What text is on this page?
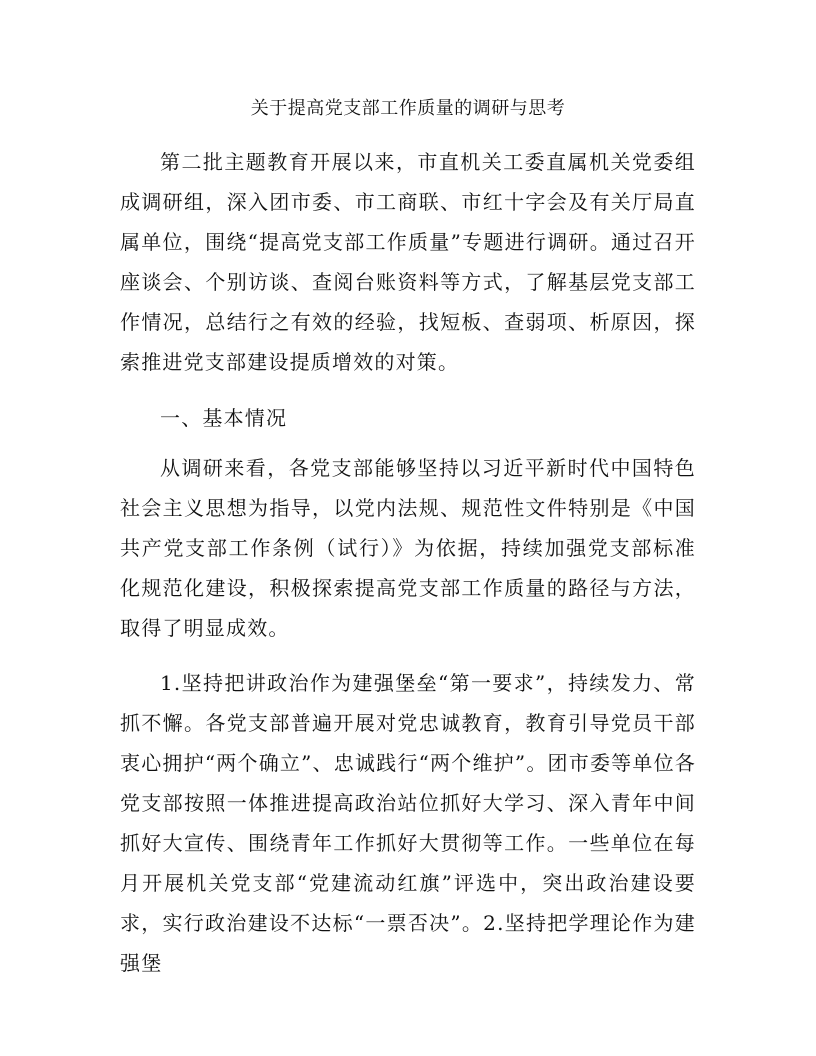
关于提高党支部工作质量的调研与思考

第二批主题教育开展以来，市直机关工委直属机关党委组成调研组，深入团市委、市工商联、市红十字会及有关厅局直属单位，围绕“提高党支部工作质量”专题进行调研。通过召开座谈会、个别访谈、查阅台账资料等方式，了解基层党支部工作情况，总结行之有效的经验，找短板、查弱项、析原因，探索推进党支部建设提质增效的对策。

一、基本情况

从调研来看，各党支部能够坚持以习近平新时代中国特色社会主义思想为指导，以党内法规、规范性文件特别是《中国共产党支部工作条例（试行）》为依据，持续加强党支部标准化规范化建设，积极探索提高党支部工作质量的路径与方法，取得了明显成效。

1.坚持把讲政治作为建强堡垒“第一要求”，持续发力、常抓不懈。各党支部普遍开展对党忠诚教育，教育引导党员干部衷心拥护“两个确立”、忠诚践行“两个维护”。团市委等单位各党支部按照一体推进提高政治站位抓好大学习、深入青年中间抓好大宣传、围绕青年工作抓好大贯彻等工作。一些单位在每月开展机关党支部“党建流动红旗”评选中，突出政治建设要求，实行政治建设不达标“一票否决”。2.坚持把学理论作为建强堡
